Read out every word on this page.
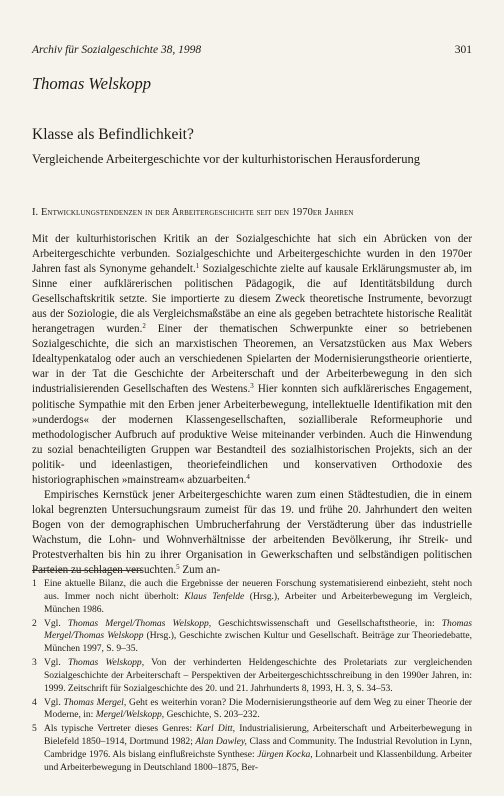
Archiv für Sozialgeschichte 38, 1998	301
Thomas Welskopp
Klasse als Befindlichkeit?
Vergleichende Arbeitergeschichte vor der kulturhistorischen Herausforderung
I. Entwicklungstendenzen in der Arbeitergeschichte seit den 1970er Jahren

Mit der kulturhistorischen Kritik an der Sozialgeschichte hat sich ein Abrücken von der Arbeitergeschichte verbunden. Sozialgeschichte und Arbeitergeschichte wurden in den 1970er Jahren fast als Synonyme gehandelt.$^1$ Sozialgeschichte zielte auf kausale Erklärungsmuster ab, im Sinne einer aufklärerischen politischen Pädagogik, die auf Identitätsbildung durch Gesellschaftskritik setzte. Sie importierte zu diesem Zweck theoretische Instrumente, bevorzugt aus der Soziologie, die als Vergleichsmaßstäbe an eine als gegeben betrachtete historische Realität herangetragen wurden.$^2$ Einer der thematischen Schwerpunkte einer so betriebenen Sozialgeschichte, die sich an marxistischen Theoremen, an Versatzstücken aus Max Webers Idealtypenkatalog oder auch an verschiedenen Spielarten der Modernisierungstheorie orientierte, war in der Tat die Geschichte der Arbeiterschaft und der Arbeiterbewegung in den sich industrialisierenden Gesellschaften des Westens.$^3$ Hier konnten sich aufklärerisches Engagement, politische Sympathie mit den Erben jener Arbeiterbewegung, intellektuelle Identifikation mit den »underdogs« der modernen Klassengesellschaften, sozialliberale Reformeuphorie und methodologischer Aufbruch auf produktive Weise miteinander verbinden. Auch die Hinwendung zu sozial benachteiligten Gruppen war Bestandteil des sozialhistorischen Projekts, sich an der politik- und ideenlastigen, theoriefeindlichen und konservativen Orthodoxie des historiographischen »mainstream« abzuarbeiten.$^4$

Empirisches Kernstück jener Arbeitergeschichte waren zum einen Städtestudien, die in einem lokal begrenzten Untersuchungsraum zumeist für das 19. und frühe 20. Jahrhundert den weiten Bogen von der demographischen Umbrucherfahrung der Verstädterung über das industrielle Wachstum, die Lohn- und Wohnverhältnisse der arbeitenden Bevölkerung, ihr Streik- und Protestverhalten bis hin zu ihrer Organisation in Gewerkschaften und selbständigen politischen Parteien zu schlagen versuchten.$^5$ Zum an-

1 Eine aktuelle Bilanz, die auch die Ergebnisse der neueren Forschung systematisierend einbezieht, steht noch aus. Immer noch nicht überholt: Klaus Tenfelde (Hrsg.), Arbeiter und Arbeiterbewegung im Vergleich, München 1986.
2 Vgl. Thomas Mergel/Thomas Welskopp, Geschichtswissenschaft und Gesellschaftstheorie, in: Thomas Mergel/Thomas Welskopp (Hrsg.), Geschichte zwischen Kultur und Gesellschaft. Beiträge zur Theoriedebatte, München 1997, S. 9–35.
3 Vgl. Thomas Welskopp, Von der verhinderten Heldengeschichte des Proletariats zur vergleichenden Sozialgeschichte der Arbeiterschaft – Perspektiven der Arbeitergeschichtsschreibung in den 1990er Jahren, in: 1999. Zeitschrift für Sozialgeschichte des 20. und 21. Jahrhunderts 8, 1993, H. 3, S. 34–53.
4 Vgl. Thomas Mergel, Geht es weiterhin voran? Die Modernisierungstheorie auf dem Weg zu einer Theorie der Moderne, in: Mergel/Welskopp, Geschichte, S. 203–232.
5 Als typische Vertreter dieses Genres: Karl Ditt, Industrialisierung, Arbeiterschaft und Arbeiterbewegung in Bielefeld 1850–1914, Dortmund 1982; Alan Dawley, Class and Community. The Industrial Revolution in Lynn, Cambridge 1976. Als bislang einflußreichste Synthese: Jürgen Kocka, Lohnarbeit und Klassenbildung. Arbeiter und Arbeiterbewegung in Deutschland 1800–1875, Ber-
